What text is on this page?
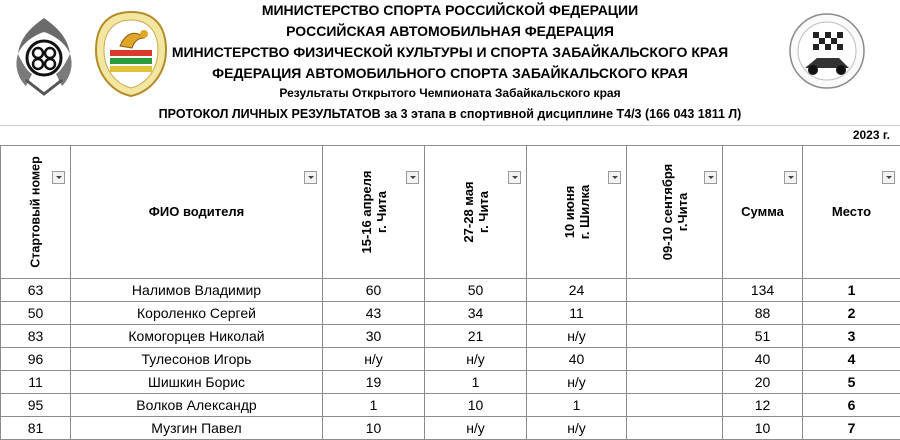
МИНИСТЕРСТВО СПОРТА РОССИЙСКОЙ ФЕДЕРАЦИИ
РОССИЙСКАЯ АВТОМОБИЛЬНАЯ ФЕДЕРАЦИЯ
МИНИСТЕРСТВО ФИЗИЧЕСКОЙ КУЛЬТУРЫ И СПОРТА ЗАБАЙКАЛЬСКОГО КРАЯ
ФЕДЕРАЦИЯ АВТОМОБИЛЬНОГО СПОРТА ЗАБАЙКАЛЬСКОГО КРАЯ
Результаты Открытого Чемпионата Забайкальского края
ПРОТОКОЛ ЛИЧНЫХ РЕЗУЛЬТАТОВ за 3 этапа в спортивной дисциплине Т4/3 (166 043 1811 Л)
2023 г.
Стартовый номер	ФИО водителя	15-16 апреля г. Чита	27-28 мая г. Чита	10 июня г. Шилка	09-10 сентября г.Чита	Сумма	Место

63	Налимов Владимир	60	50	24		134	1
50	Короленко Сергей	43	34	11		88	2
83	Комогорцев Николай	30	21	н/у		51	3
96	Тулесонов Игорь	н/у	н/у	40		40	4
11	Шишкин Борис	19	1	н/у		20	5
95	Волков Александр	1	10	1		12	6
81	Музгин Павел	10	н/у	н/у		10	7
